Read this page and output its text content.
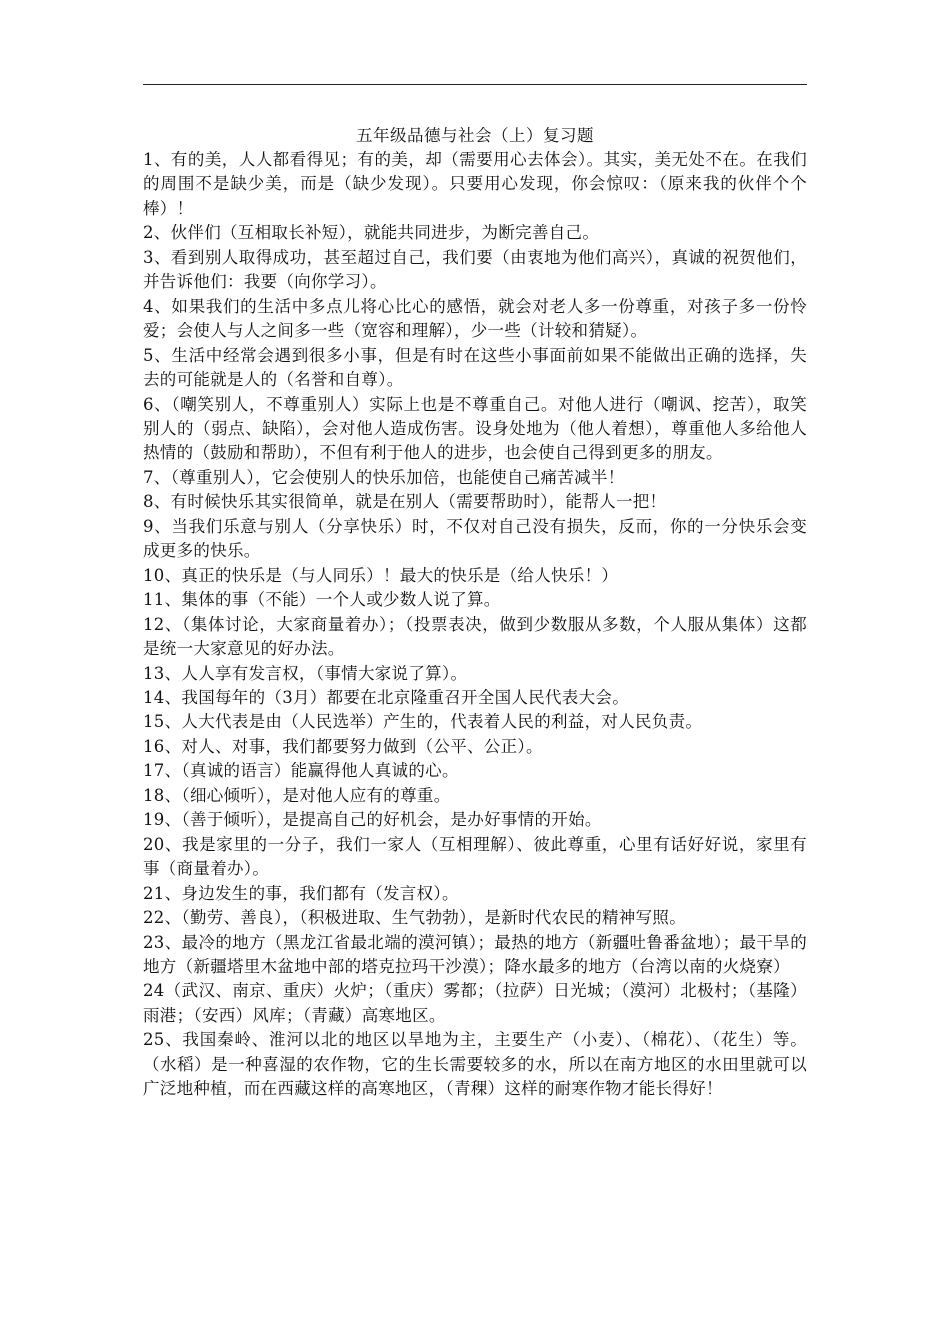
五年级品德与社会（上）复习题

1、有的美，人人都看得见；有的美，却（需要用心去体会）。其实，美无处不在。在我们的周围不是缺少美，而是（缺少发现）。只要用心发现，你会惊叹：（原来我的伙伴个个棒）！

2、伙伴们（互相取长补短），就能共同进步，为断完善自己。

3、看到别人取得成功，甚至超过自己，我们要（由衷地为他们高兴），真诚的祝贺他们，并告诉他们：我要（向你学习）。

4、如果我们的生活中多点儿将心比心的感悟，就会对老人多一份尊重，对孩子多一份怜爱；会使人与人之间多一些（宽容和理解），少一些（计较和猜疑）。

5、生活中经常会遇到很多小事，但是有时在这些小事面前如果不能做出正确的选择，失去的可能就是人的（名誉和自尊）。

6、（嘲笑别人，不尊重别人）实际上也是不尊重自己。对他人进行（嘲讽、挖苦），取笑别人的（弱点、缺陷），会对他人造成伤害。设身处地为（他人着想），尊重他人多给他人热情的（鼓励和帮助），不但有利于他人的进步，也会使自己得到更多的朋友。

7、（尊重别人），它会使别人的快乐加倍，也能使自己痛苦减半！

8、有时候快乐其实很简单，就是在别人（需要帮助时），能帮人一把！

9、当我们乐意与别人（分享快乐）时，不仅对自己没有损失，反而，你的一分快乐会变成更多的快乐。

10、真正的快乐是（与人同乐）！最大的快乐是（给人快乐！）

11、集体的事（不能）一个人或少数人说了算。

12、（集体讨论，大家商量着办）；（投票表决，做到少数服从多数，个人服从集体）这都是统一大家意见的好办法。

13、人人享有发言权，（事情大家说了算）。

14、我国每年的（3月）都要在北京隆重召开全国人民代表大会。

15、人大代表是由（人民选举）产生的，代表着人民的利益，对人民负责。

16、对人、对事，我们都要努力做到（公平、公正）。

17、（真诚的语言）能赢得他人真诚的心。

18、（细心倾听），是对他人应有的尊重。

19、（善于倾听），是提高自己的好机会，是办好事情的开始。

20、我是家里的一分子，我们一家人（互相理解）、彼此尊重，心里有话好好说，家里有事（商量着办）。

21、身边发生的事，我们都有（发言权）。

22、（勤劳、善良），（积极进取、生气勃勃），是新时代农民的精神写照。

23、最冷的地方（黑龙江省最北端的漠河镇）；最热的地方（新疆吐鲁番盆地）；最干旱的地方（新疆塔里木盆地中部的塔克拉玛干沙漠）；降水最多的地方（台湾以南的火烧寮）

24（武汉、南京、重庆）火炉；（重庆）雾都；（拉萨）日光城；（漠河）北极村；（基隆）雨港；（安西）风库；（青藏）高寒地区。

25、我国秦岭、淮河以北的地区以旱地为主，主要生产（小麦）、（棉花）、（花生）等。（水稻）是一种喜湿的农作物，它的生长需要较多的水，所以在南方地区的水田里就可以广泛地种植，而在西藏这样的高寒地区，（青稞）这样的耐寒作物才能长得好！
